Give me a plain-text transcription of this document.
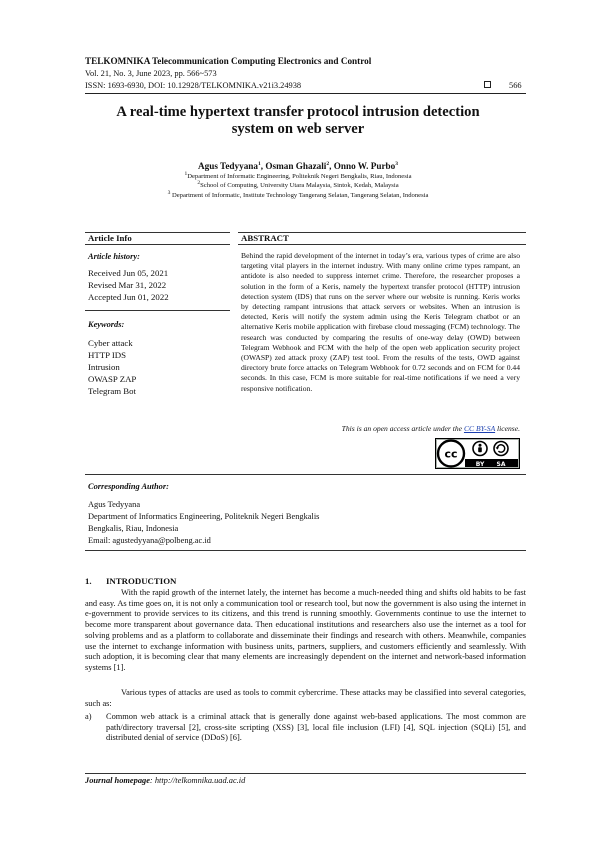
TELKOMNIKA Telecommunication Computing Electronics and Control
Vol. 21, No. 3, June 2023, pp. 566~573
ISSN: 1693-6930, DOI: 10.12928/TELKOMNIKA.v21i3.24938	566
A real-time hypertext transfer protocol intrusion detection
system on web server
Agus Tedyyana$^1$, Osman Ghazali$^2$, Onno W. Purbo$^3$
$^1$Department of Informatic Engineering, Politeknik Negeri Bengkalis, Riau, Indonesia
$^2$School of Computing, University Utara Malaysia, Sintok, Kedah, Malaysia
$^3$ Department of Informatic, Institute Technology Tangerang Selatan, Tangerang Selatan, Indonesia
Article Info
Article history:
Received Jun 05, 2021
Revised Mar 31, 2022
Accepted Jun 01, 2022
Keywords:
Cyber attack
HTTP IDS
Intrusion
OWASP ZAP
Telegram Bot
ABSTRACT
Behind the rapid development of the internet in today’s era, various types of crime are also targeting vital players in the internet industry. With many online crime types rampant, an antidote is also needed to suppress internet crime. Therefore, the researcher proposes a solution in the form of a Keris, namely the hypertext transfer protocol (HTTP) intrusion detection system (IDS) that runs on the server where our website is running. Keris works by detecting rampant intrusions that attack servers or websites. When an intrusion is detected, Keris will notify the system admin using the Keris Telegram chatbot or an alternative Keris mobile application with firebase cloud messaging (FCM) technology. The research was conducted by comparing the results of one-way delay (OWD) between Telegram Webhook and FCM with the help of the open web application security project (OWASP) zed attack proxy (ZAP) test tool. From the results of the tests, OWD against directory brute force attacks on Telegram Webhook for 0.72 seconds and on FCM for 0.44 seconds. In this case, FCM is more suitable for real-time notifications if we need a very responsive notification.
This is an open access article under the CC BY-SA license.
cc
BY SA
Corresponding Author:
Agus Tedyyana
Department of Informatics Engineering, Politeknik Negeri Bengkalis
Bengkalis, Riau, Indonesia
Email: agustedyyana@polbeng.ac.id
1. INTRODUCTION
With the rapid growth of the internet lately, the internet has become a much-needed thing and shifts old habits to be fast and easy. As time goes on, it is not only a communication tool or research tool, but now the government is also using the internet in e-government to provide services to its citizens, and this trend is running smoothly. Governments continue to use the internet to become more transparent about governance data. Then educational institutions and researchers also use the internet as a tool for solving problems and as a platform to collaborate and disseminate their findings and research with others. Meanwhile, companies use the internet to exchange information with business units, partners, suppliers, and customers efficiently and seamlessly. With such adoption, it is becoming clear that many elements are increasingly dependent on the internet and network-based information systems [1].
Various types of attacks are used as tools to commit cybercrime. These attacks may be classified into several categories, such as:
a) Common web attack is a criminal attack that is generally done against web-based applications. The most common are path/directory traversal [2], cross-site scripting (XSS) [3], local file inclusion (LFI) [4], SQL injection (SQLi) [5], and distributed denial of service (DDoS) [6].
Journal homepage: http://telkomnika.uad.ac.id
